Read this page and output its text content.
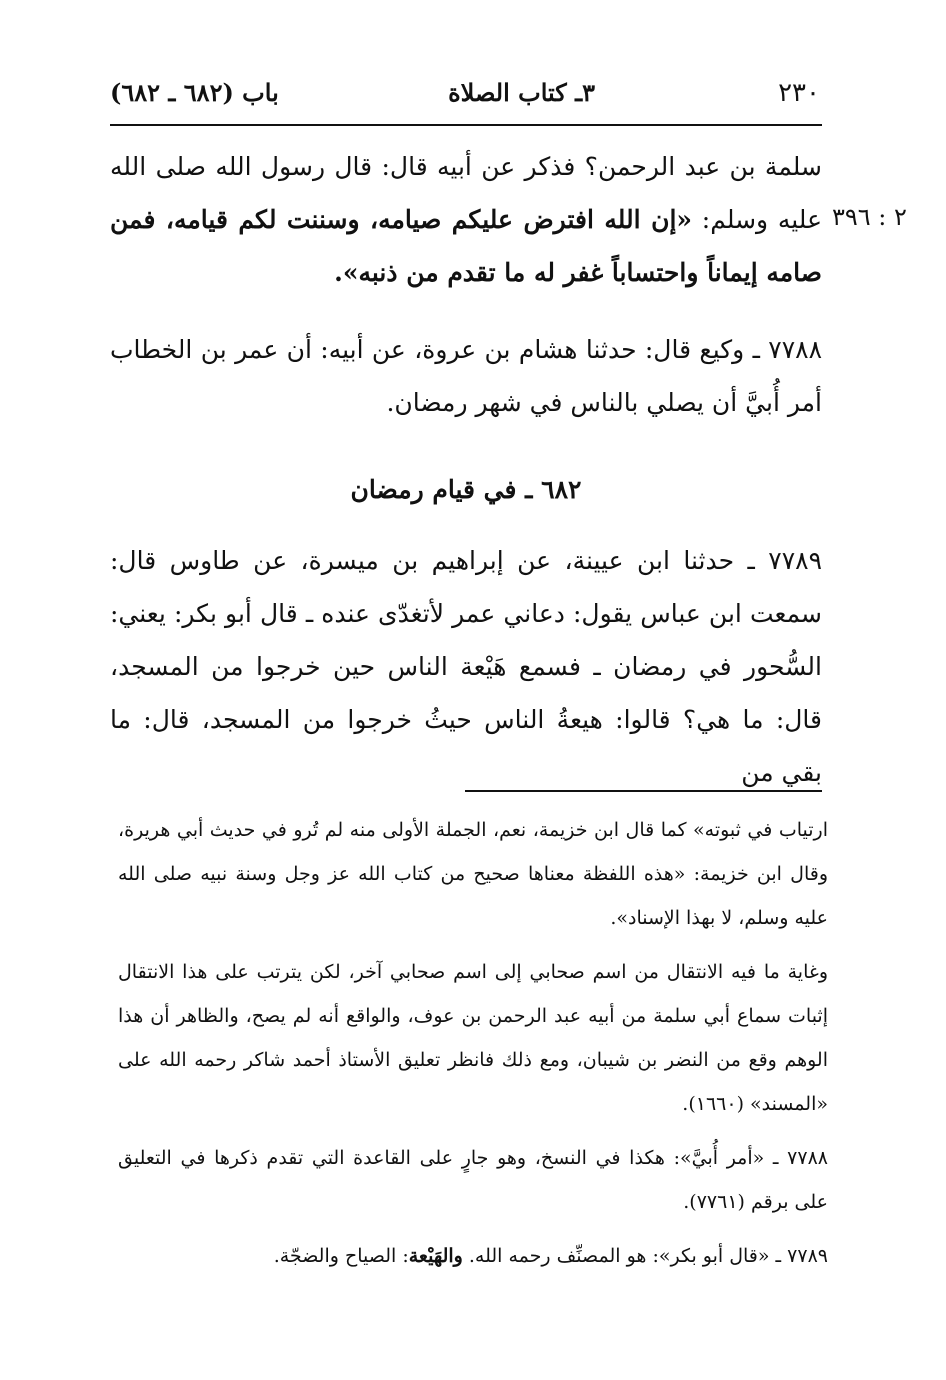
٢٣٠
٣ـ كتاب الصلاة
باب (٦٨٢ ـ ٦٨٢)
٢ : ٣٩٦

سلمة بن عبد الرحمن؟ فذكر عن أبيه قال: قال رسول الله صلى الله عليه وسلم: «إن الله افترض عليكم صيامه، وسننت لكم قيامه، فمن صامه إيماناً واحتساباً غفر له ما تقدم من ذنبه».

٧٧٨٨ ـ وكيع قال: حدثنا هشام بن عروة، عن أبيه: أن عمر بن الخطاب أمر أُبيَّ أن يصلي بالناس في شهر رمضان.

٦٨٢ ـ في قيام رمضان

٧٧٨٩ ـ حدثنا ابن عيينة، عن إبراهيم بن ميسرة، عن طاوس قال: سمعت ابن عباس يقول: دعاني عمر لأتغدّى عنده ـ قال أبو بكر: يعني: السُّحور في رمضان ـ فسمع هَيْعة الناس حين خرجوا من المسجد، قال: ما هي؟ قالوا: هيعةُ الناس حيثُ خرجوا من المسجد، قال: ما بقي من

ارتياب في ثبوته» كما قال ابن خزيمة، نعم، الجملة الأولى منه لم تُرو في حديث أبي هريرة، وقال ابن خزيمة: «هذه اللفظة معناها صحيح من كتاب الله عز وجل وسنة نبيه صلى الله عليه وسلم، لا بهذا الإسناد».

وغاية ما فيه الانتقال من اسم صحابي إلى اسم صحابي آخر، لكن يترتب على هذا الانتقال إثبات سماع أبي سلمة من أبيه عبد الرحمن بن عوف، والواقع أنه لم يصح، والظاهر أن هذا الوهم وقع من النضر بن شيبان، ومع ذلك فانظر تعليق الأستاذ أحمد شاكر رحمه الله على «المسند» (١٦٦٠).

٧٧٨٨ ـ «أمر أُبيَّ»: هكذا في النسخ، وهو جارٍ على القاعدة التي تقدم ذكرها في التعليق على برقم (٧٧٦١).

٧٧٨٩ ـ «قال أبو بكر»: هو المصنِّف رحمه الله. والهَيْعة: الصياح والضجّة.
